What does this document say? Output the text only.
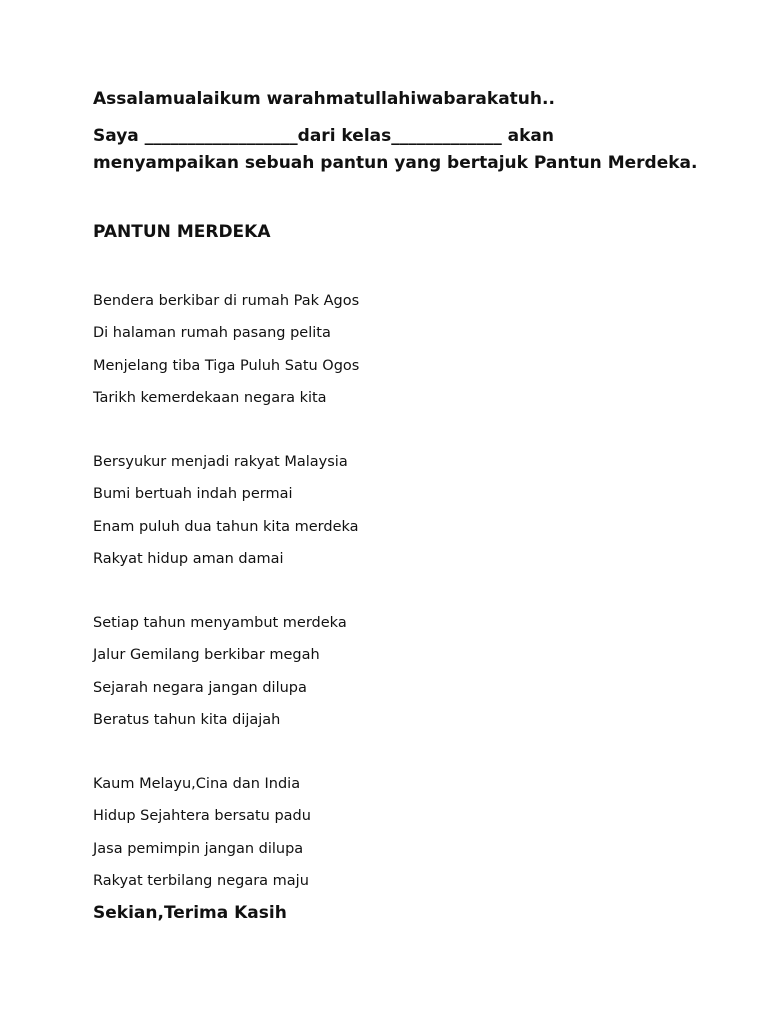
Assalamualaikum warahmatullahiwabarakatuh..
Saya __________________dari kelas_____________ akan
menyampaikan sebuah pantun yang bertajuk Pantun Merdeka.
PANTUN MERDEKA
Bendera berkibar di rumah Pak Agos
Di halaman rumah pasang pelita
Menjelang tiba Tiga Puluh Satu Ogos
Tarikh kemerdekaan negara kita
Bersyukur menjadi rakyat Malaysia
Bumi bertuah indah permai
Enam puluh dua tahun kita merdeka
Rakyat hidup aman damai
Setiap tahun menyambut merdeka
Jalur Gemilang berkibar megah
Sejarah negara jangan dilupa
Beratus tahun kita dijajah
Kaum Melayu,Cina dan India
Hidup Sejahtera bersatu padu
Jasa pemimpin jangan dilupa
Rakyat terbilang negara maju
Sekian,Terima Kasih
